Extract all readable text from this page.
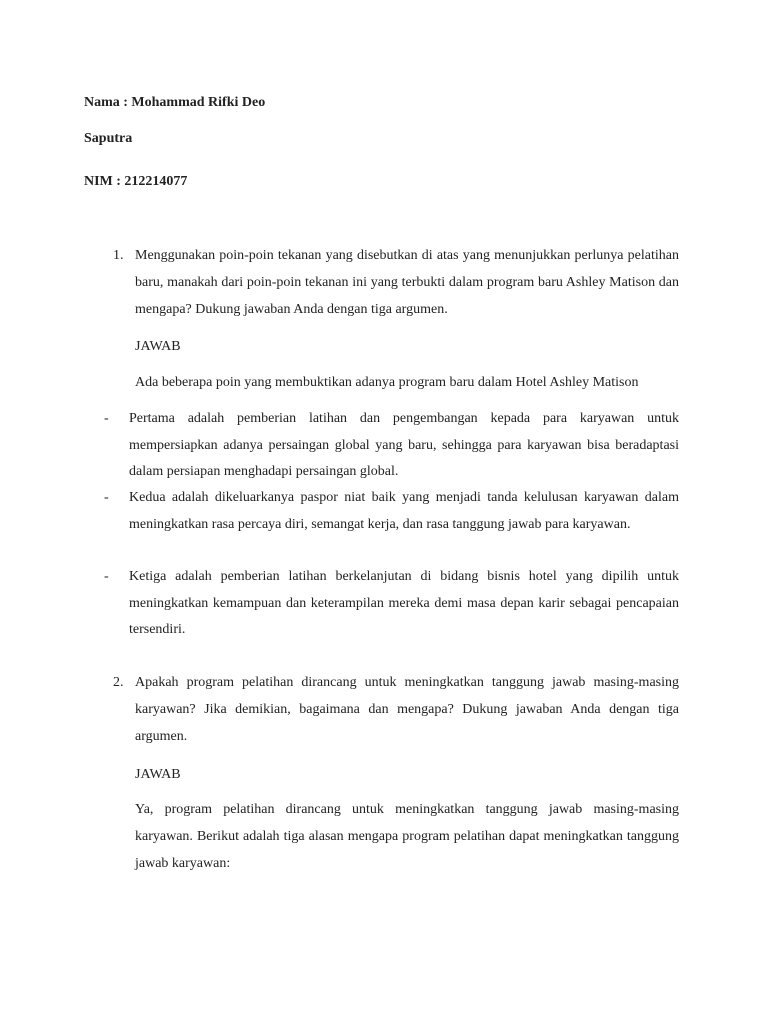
Nama : Mohammad Rifki Deo
Saputra
NIM : 212214077
1. Menggunakan poin-poin tekanan yang disebutkan di atas yang menunjukkan perlunya pelatihan baru, manakah dari poin-poin tekanan ini yang terbukti dalam program baru Ashley Matison dan mengapa? Dukung jawaban Anda dengan tiga argumen.
JAWAB
Ada beberapa poin yang membuktikan adanya program baru dalam Hotel Ashley Matison
-	Pertama adalah pemberian latihan dan pengembangan kepada para karyawan untuk mempersiapkan adanya persaingan global yang baru, sehingga para karyawan bisa beradaptasi dalam persiapan menghadapi persaingan global.
-	Kedua adalah dikeluarkanya paspor niat baik yang menjadi tanda kelulusan karyawan dalam meningkatkan rasa percaya diri, semangat kerja, dan rasa tanggung jawab para karyawan.
-	Ketiga adalah pemberian latihan berkelanjutan di bidang bisnis hotel yang dipilih untuk meningkatkan kemampuan dan keterampilan mereka demi masa depan karir sebagai pencapaian tersendiri.
2. Apakah program pelatihan dirancang untuk meningkatkan tanggung jawab masing-masing karyawan? Jika demikian, bagaimana dan mengapa? Dukung jawaban Anda dengan tiga argumen.
JAWAB
Ya, program pelatihan dirancang untuk meningkatkan tanggung jawab masing-masing karyawan. Berikut adalah tiga alasan mengapa program pelatihan dapat meningkatkan tanggung jawab karyawan:
